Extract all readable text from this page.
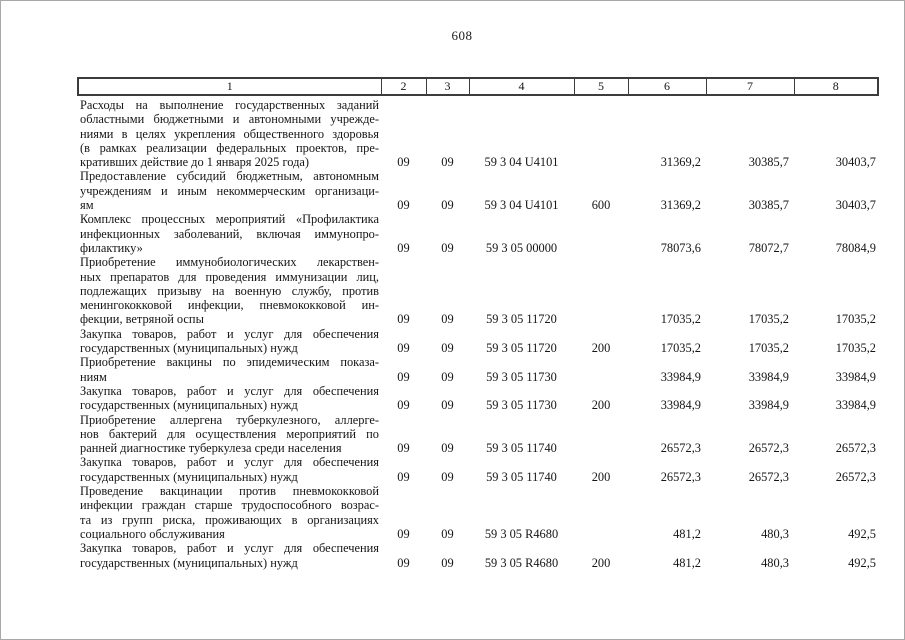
608
1	2	3	4	5	6	7	8

Расходы на выполнение государственных заданий
областными бюджетными и автономными учрежде-
ниями в целях укрепления общественного здоровья
(в рамках реализации федеральных проектов, пре-
кративших действие до 1 января 2025 года)	09	09	59 3 04 U4101		31369,2	30385,7	30403,7

Предоставление субсидий бюджетным, автономным
учреждениям и иным некоммерческим организаци-
ям	09	09	59 3 04 U4101	600	31369,2	30385,7	30403,7

Комплекс процессных мероприятий «Профилактика
инфекционных заболеваний, включая иммунопро-
филактику»	09	09	59 3 05 00000		78073,6	78072,7	78084,9

Приобретение иммунобиологических лекарствен-
ных препаратов для проведения иммунизации лиц,
подлежащих призыву на военную службу, против
менингококковой инфекции, пневмококковой ин-
фекции, ветряной оспы	09	09	59 3 05 11720		17035,2	17035,2	17035,2

Закупка товаров, работ и услуг для обеспечения
государственных (муниципальных) нужд	09	09	59 3 05 11720	200	17035,2	17035,2	17035,2

Приобретение вакцины по эпидемическим показа-
ниям	09	09	59 3 05 11730		33984,9	33984,9	33984,9

Закупка товаров, работ и услуг для обеспечения
государственных (муниципальных) нужд	09	09	59 3 05 11730	200	33984,9	33984,9	33984,9

Приобретение аллергена туберкулезного, аллерге-
нов бактерий для осуществления мероприятий по
ранней диагностике туберкулеза среди населения	09	09	59 3 05 11740		26572,3	26572,3	26572,3

Закупка товаров, работ и услуг для обеспечения
государственных (муниципальных) нужд	09	09	59 3 05 11740	200	26572,3	26572,3	26572,3

Проведение вакцинации против пневмококковой
инфекции граждан старше трудоспособного возрас-
та из групп риска, проживающих в организациях
социального обслуживания	09	09	59 3 05 R4680		481,2	480,3	492,5

Закупка товаров, работ и услуг для обеспечения
государственных (муниципальных) нужд	09	09	59 3 05 R4680	200	481,2	480,3	492,5
